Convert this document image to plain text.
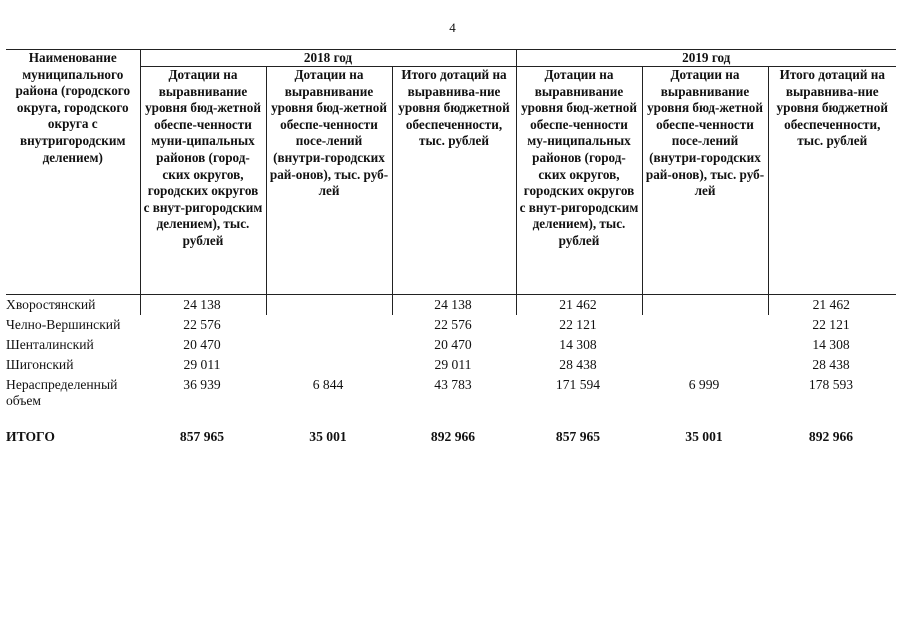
4
Наименование муниципального района (городского округа, городского округа с внутригородским делением)	2018 год			2019 год		
	Дотации на выравнивание уровня бюд-жетной обеспе-ченности муни-ципальных районов (город-ских округов, городских округов с внут-ригородским делением), тыс. рублей	Дотации на выравнивание уровня бюд-жетной обеспе-ченности посе-лений (внутри-городских рай-онов), тыс. руб-лей	Итого дотаций на выравнива-ние уровня бюджетной обеспеченности, тыс. рублей	Дотации на выравнивание уровня бюд-жетной обеспе-ченности му-ниципальных районов (город-ских округов, городских округов с внут-ригородским делением), тыс. рублей	Дотации на выравнивание уровня бюд-жетной обеспе-ченности посе-лений (внутри-городских рай-онов), тыс. руб-лей	Итого дотаций на выравнива-ние уровня бюджетной обеспеченности, тыс. рублей
Хворостянский	24 138		24 138	21 462		21 462
Челно-Вершинский	22 576		22 576	22 121		22 121
Шенталинский	20 470		20 470	14 308		14 308
Шигонский	29 011		29 011	28 438		28 438
Нераспределенный объем	36 939	6 844	43 783	171 594	6 999	178 593
ИТОГО	857 965	35 001	892 966	857 965	35 001	892 966
